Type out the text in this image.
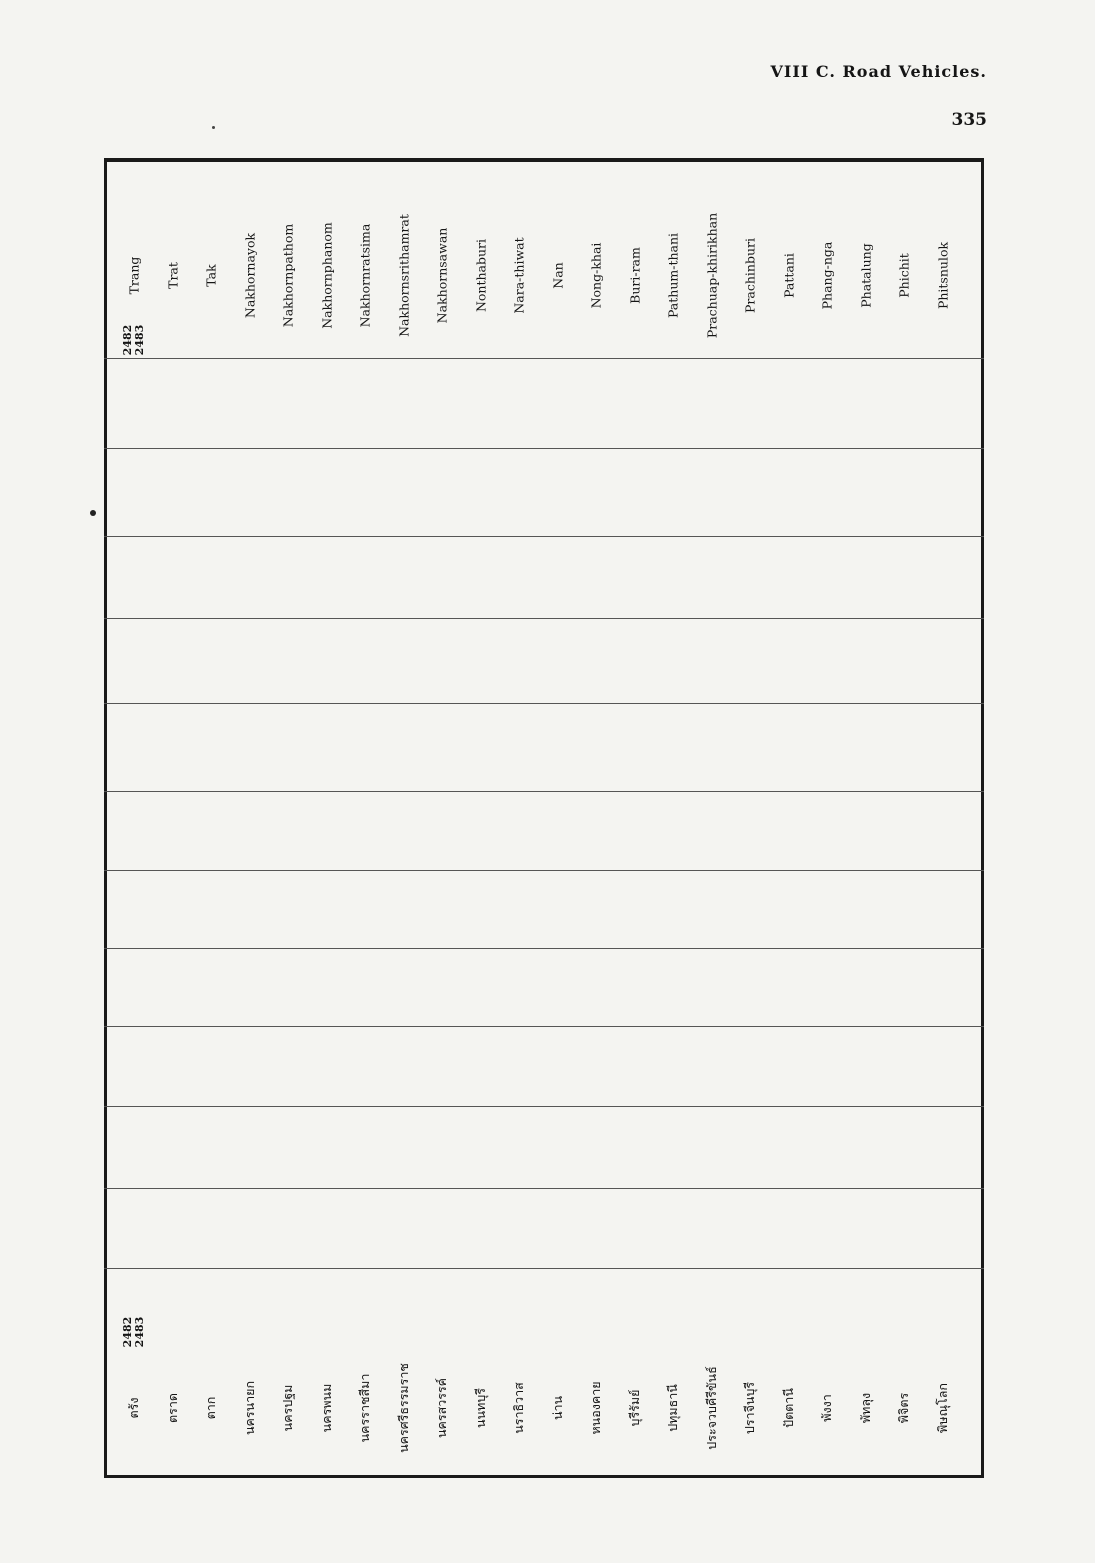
VIII C. Road Vehicles.
335
2482 2483
Trang Trat Tak Nakhornayok Nakhornpathom Nakhornphanom Nakhornratsima Nakhornsrithamrat Nakhornsawan Nonthaburi Nara-thiwat Nan Nong-khai Buri-ram Pathum-thani Prachuap-khirikhan Prachinburi Pattani Phang-nga Phatalung Phichit Phitsnulok
2482 2483
ตรัง ตราด ตาก นครนายก นครปฐม นครพนม นครราชสีมา นครศรีธรรมราช นครสวรรค์ นนทบุรี นราธิวาส น่าน หนองคาย บุรีรัมย์ ปทุมธานี ประจวบคีรีขันธ์ ปราจีนบุรี ปัตตานี พังงา พัทลุง พิจิตร พิษณุโลก
